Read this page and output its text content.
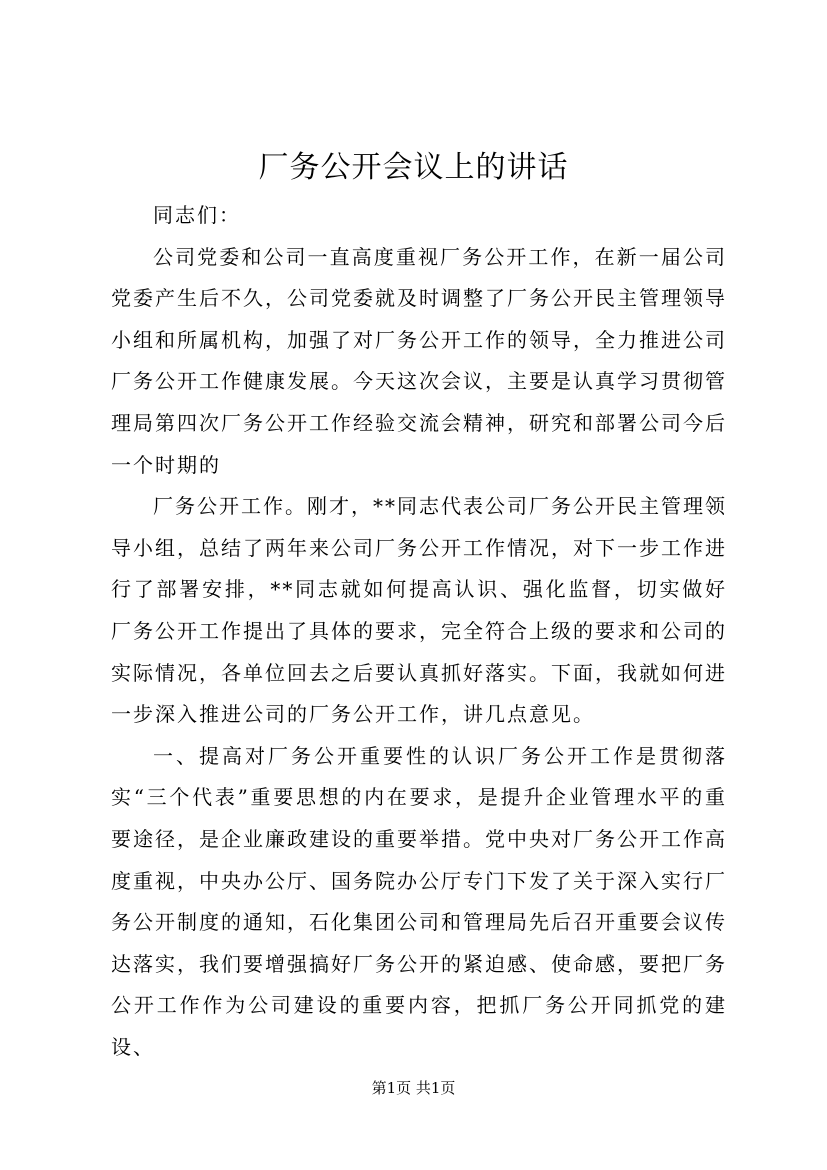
厂务公开会议上的讲话

同志们：

公司党委和公司一直高度重视厂务公开工作，在新一届公司党委产生后不久，公司党委就及时调整了厂务公开民主管理领导小组和所属机构，加强了对厂务公开工作的领导，全力推进公司厂务公开工作健康发展。今天这次会议，主要是认真学习贯彻管理局第四次厂务公开工作经验交流会精神，研究和部署公司今后一个时期的

厂务公开工作。刚才，**同志代表公司厂务公开民主管理领导小组，总结了两年来公司厂务公开工作情况，对下一步工作进行了部署安排，**同志就如何提高认识、强化监督，切实做好厂务公开工作提出了具体的要求，完全符合上级的要求和公司的实际情况，各单位回去之后要认真抓好落实。下面，我就如何进一步深入推进公司的厂务公开工作，讲几点意见。

一、提高对厂务公开重要性的认识厂务公开工作是贯彻落实“三个代表”重要思想的内在要求，是提升企业管理水平的重要途径，是企业廉政建设的重要举措。党中央对厂务公开工作高度重视，中央办公厅、国务院办公厅专门下发了关于深入实行厂务公开制度的通知，石化集团公司和管理局先后召开重要会议传达落实，我们要增强搞好厂务公开的紧迫感、使命感，要把厂务公开工作作为公司建设的重要内容，把抓厂务公开同抓党的建设、

第1页 共1页
